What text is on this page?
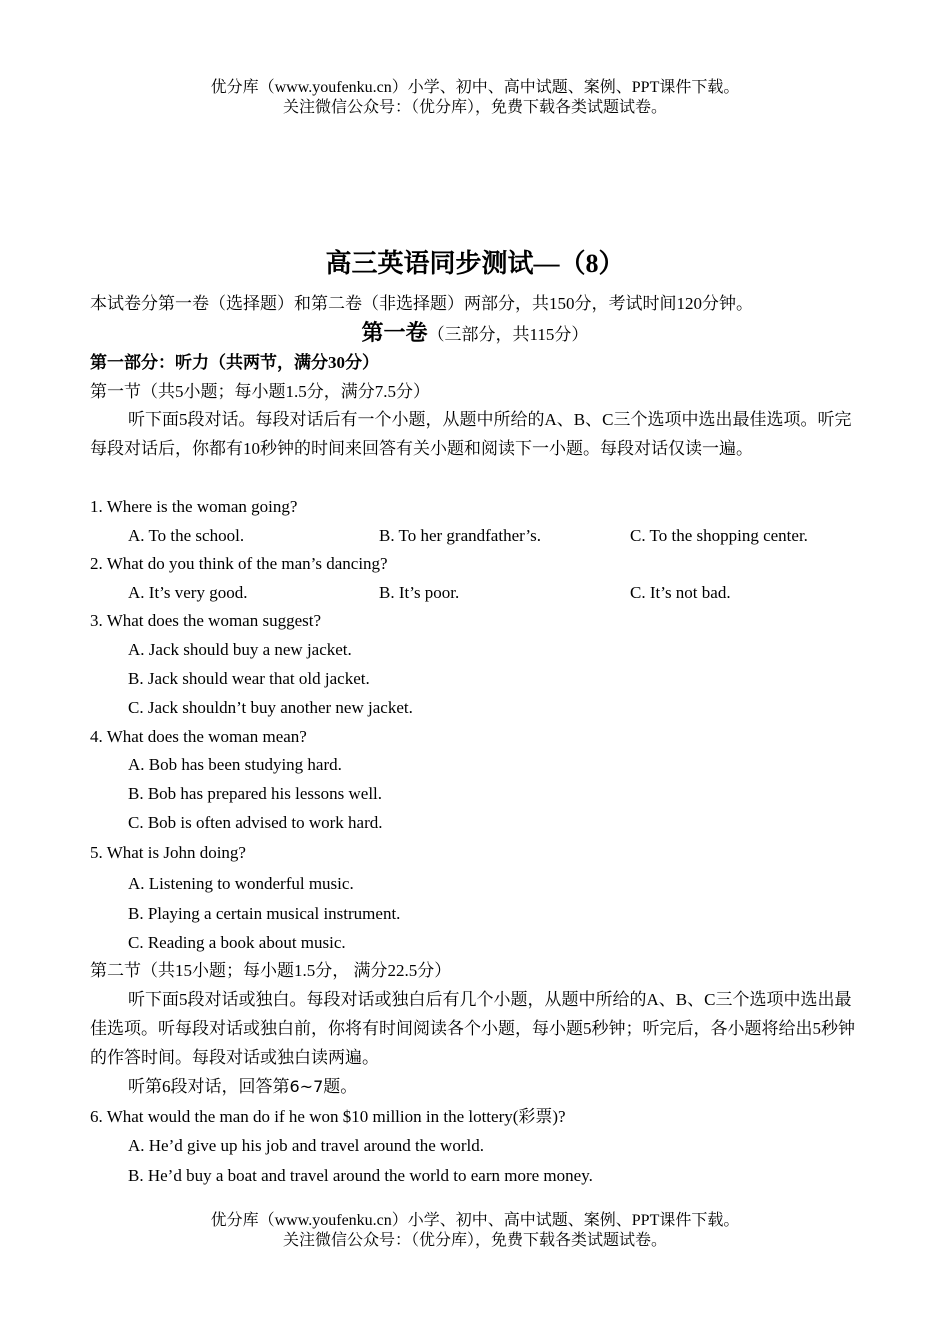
优分库（www.youfenku.cn）小学、初中、高中试题、案例、PPT课件下载。
关注微信公众号：（优分库），免费下载各类试题试卷。
高三英语同步测试—（8）
本试卷分第一卷（选择题）和第二卷（非选择题）两部分，共150分，考试时间120分钟。
第一卷（三部分，共115分）
第一部分：听力（共两节，满分30分）
第一节（共5小题；每小题1.5分，满分7.5分）
听下面5段对话。每段对话后有一个小题，从题中所给的A、B、C三个选项中选出最佳选项。听完每段对话后，你都有10秒钟的时间来回答有关小题和阅读下一小题。每段对话仅读一遍。
1. Where is the woman going?
A. To the school.	B. To her grandfather’s.	C. To the shopping center.
2. What do you think of the man’s dancing?
A. It’s very good.	B. It’s poor.	C. It’s not bad.
3. What does the woman suggest?
A. Jack should buy a new jacket.
B. Jack should wear that old jacket.
C. Jack shouldn’t buy another new jacket.
4. What does the woman mean?
A. Bob has been studying hard.
B. Bob has prepared his lessons well.
C. Bob is often advised to work hard.
5. What is John doing?
A. Listening to wonderful music.
B. Playing a certain musical instrument.
C. Reading a book about music.
第二节（共15小题；每小题1.5分， 满分22.5分）
听下面5段对话或独白。每段对话或独白后有几个小题，从题中所给的A、B、C三个选项中选出最佳选项。听每段对话或独白前，你将有时间阅读各个小题，每小题5秒钟；听完后，各小题将给出5秒钟的作答时间。每段对话或独白读两遍。
听第6段对话，回答第6~7题。
6. What would the man do if he won $10 million in the lottery(彩票)?
A. He’d give up his job and travel around the world.
B. He’d buy a boat and travel around the world to earn more money.
优分库（www.youfenku.cn）小学、初中、高中试题、案例、PPT课件下载。
关注微信公众号：（优分库），免费下载各类试题试卷。
